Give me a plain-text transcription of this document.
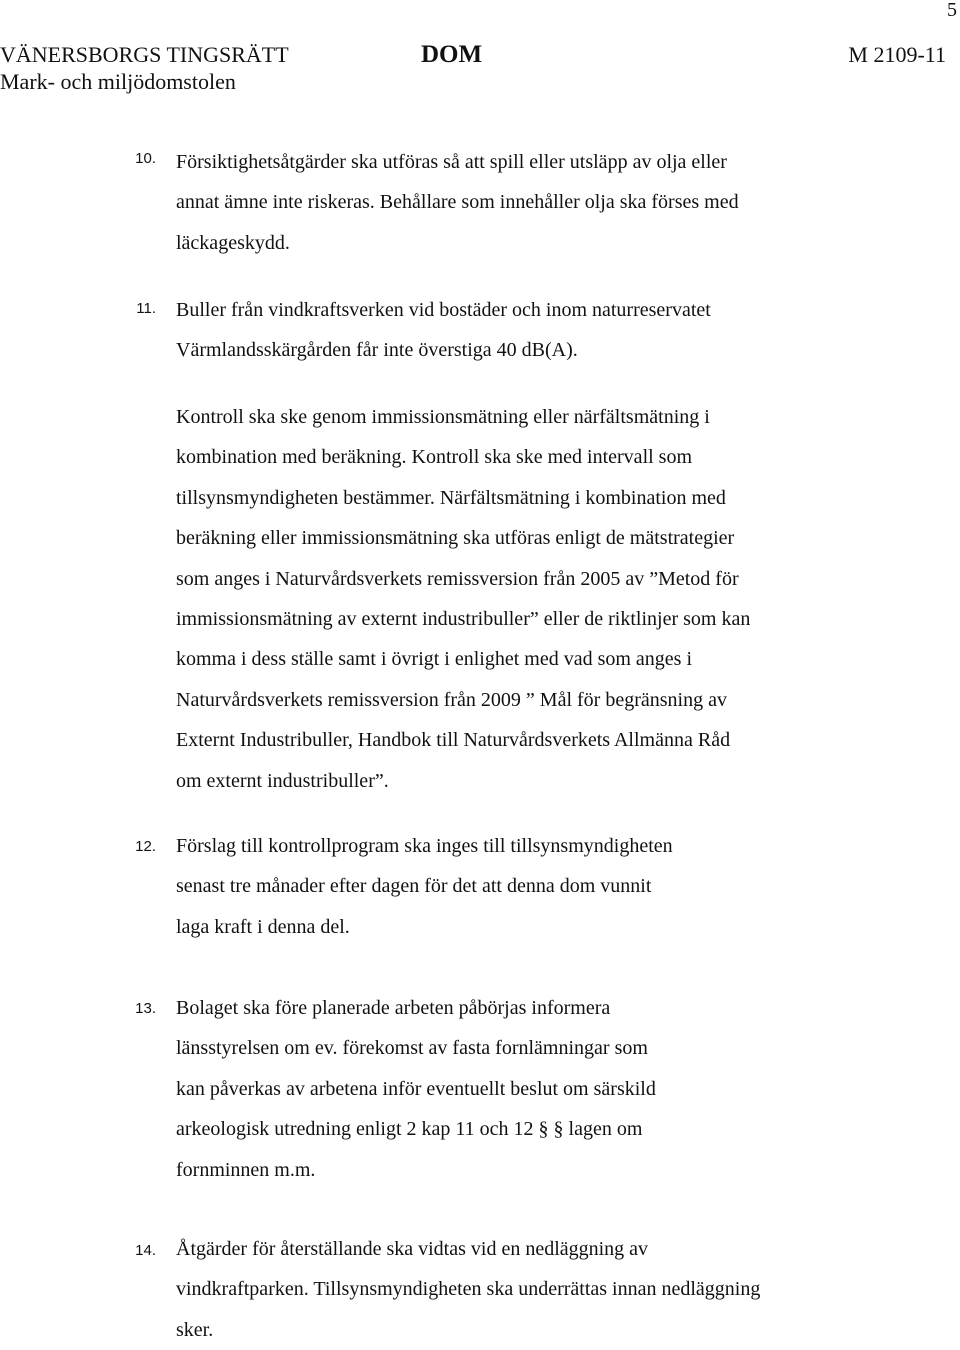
5
VÄNERSBORGS TINGSRÄTT
Mark- och miljödomstolen
DOM	M 2109-11
10. Försiktighetsåtgärder ska utföras så att spill eller utsläpp av olja eller
annat ämne inte riskeras. Behållare som innehåller olja ska förses med
läckageskydd.
11. Buller från vindkraftsverken vid bostäder och inom naturreservatet
Värmlandsskärgården får inte överstiga 40 dB(A).
Kontroll ska ske genom immissionsmätning eller närfältsmätning i
kombination med beräkning. Kontroll ska ske med intervall som
tillsynsmyndigheten bestämmer. Närfältsmätning i kombination med
beräkning eller immissionsmätning ska utföras enligt de mätstrategier
som anges i Naturvårdsverkets remissversion från 2005 av ”Metod för
immissionsmätning av externt industribuller” eller de riktlinjer som kan
komma i dess ställe samt i övrigt i enlighet med vad som anges i
Naturvårdsverkets remissversion från 2009 ” Mål för begränsning av
Externt Industribuller, Handbok till Naturvårdsverkets Allmänna Råd
om externt industribuller”.
12. Förslag till kontrollprogram ska inges till tillsynsmyndigheten
senast tre månader efter dagen för det att denna dom vunnit
laga kraft i denna del.
13. Bolaget ska före planerade arbeten påbörjas informera
länsstyrelsen om ev. förekomst av fasta fornlämningar som
kan påverkas av arbetena inför eventuellt beslut om särskild
arkeologisk utredning enligt 2 kap 11 och 12 § § lagen om
fornminnen m.m.
14. Åtgärder för återställande ska vidtas vid en nedläggning av
vindkraftparken. Tillsynsmyndigheten ska underrättas innan nedläggning
sker.
